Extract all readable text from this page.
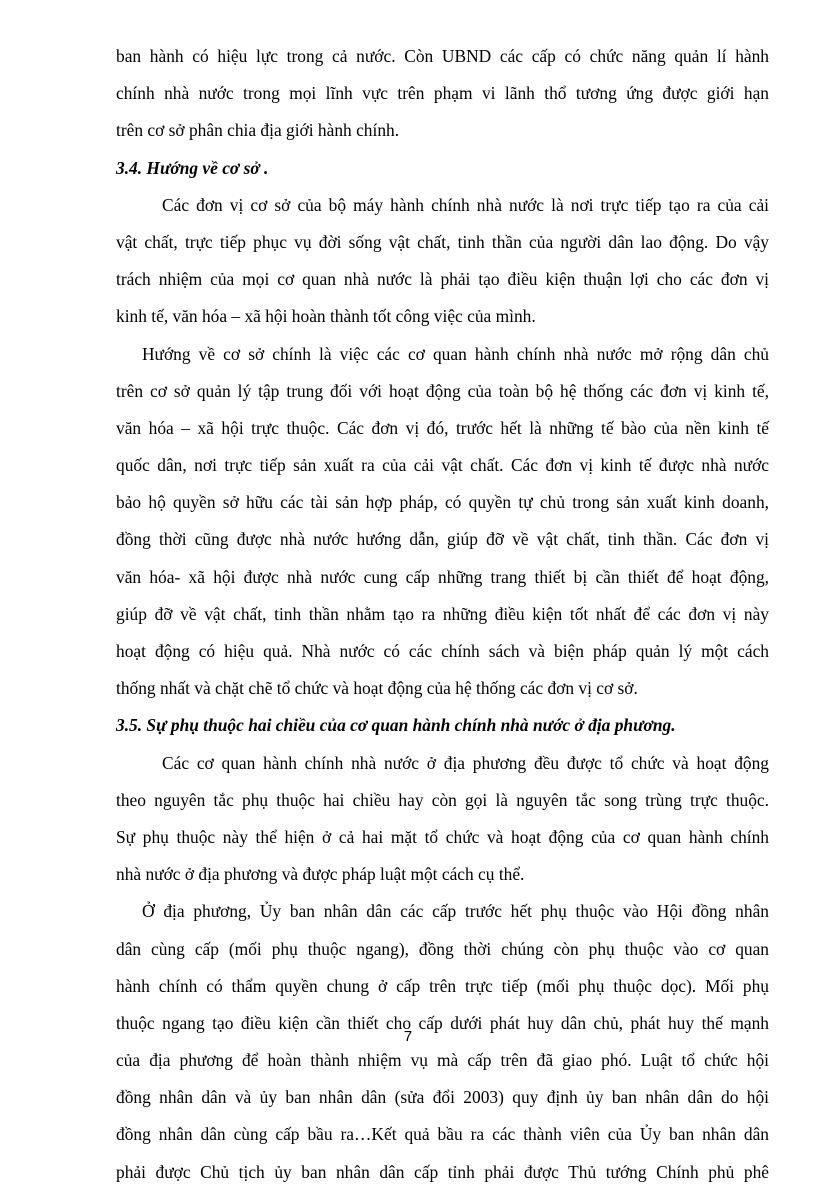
ban hành có hiệu lực trong cả nước. Còn UBND các cấp có chức năng quản lí hành
chính nhà nước trong mọi lĩnh vực trên phạm vi lãnh thổ tương ứng được giới hạn
trên cơ sở phân chia địa giới hành chính.
3.4. Hướng về cơ sở .
Các đơn vị cơ sở của bộ máy hành chính nhà nước là nơi trực tiếp tạo ra của cải
vật chất, trực tiếp phục vụ đời sống vật chất, tinh thần của người dân lao động. Do vậy
trách nhiệm của mọi cơ quan nhà nước là phải tạo điều kiện thuận lợi cho các đơn vị
kinh tế, văn hóa – xã hội hoàn thành tốt công việc của mình.
Hướng về cơ sở chính là việc các cơ quan hành chính nhà nước mở rộng dân chủ
trên cơ sở quản lý tập trung đối với hoạt động của toàn bộ hệ thống các đơn vị kinh tế,
văn hóa – xã hội trực thuộc. Các đơn vị đó, trước hết là những tế bào của nền kinh tế
quốc dân, nơi trực tiếp sản xuất ra của cải vật chất. Các đơn vị kinh tế được nhà nước
bảo hộ quyền sở hữu các tài sản hợp pháp, có quyền tự chủ trong sản xuất kinh doanh,
đồng thời cũng được nhà nước hướng dẫn, giúp đỡ về vật chất, tinh thần. Các đơn vị
văn hóa- xã hội được nhà nước cung cấp những trang thiết bị cần thiết để hoạt động,
giúp đỡ về vật chất, tinh thần nhằm tạo ra những điều kiện tốt nhất để các đơn vị này
hoạt động có hiệu quả. Nhà nước có các chính sách và biện pháp quản lý một cách
thống nhất và chặt chẽ tổ chức và hoạt động của hệ thống các đơn vị cơ sở.
3.5. Sự phụ thuộc hai chiều của cơ quan hành chính nhà nước ở địa phương.
Các cơ quan hành chính nhà nước ở địa phương đều được tổ chức và hoạt động
theo nguyên tắc phụ thuộc hai chiều hay còn gọi là nguyên tắc song trùng trực thuộc.
Sự phụ thuộc này thể hiện ở cả hai mặt tổ chức và hoạt động của cơ quan hành chính
nhà nước ở địa phương và được pháp luật một cách cụ thể.
Ở địa phương, Ủy ban nhân dân các cấp trước hết phụ thuộc vào Hội đồng nhân
dân cùng cấp (mối phụ thuộc ngang), đồng thời chúng còn phụ thuộc vào cơ quan
hành chính có thẩm quyền chung ở cấp trên trực tiếp (mối phụ thuộc dọc). Mối phụ
thuộc ngang tạo điều kiện cần thiết cho cấp dưới phát huy dân chủ, phát huy thế mạnh
của địa phương để hoàn thành nhiệm vụ mà cấp trên đã giao phó. Luật tổ chức hội
đồng nhân dân và ủy ban nhân dân (sửa đổi 2003) quy định ủy ban nhân dân do hội
đồng nhân dân cùng cấp bầu ra…Kết quả bầu ra các thành viên của Ủy ban nhân dân
phải được Chủ tịch ủy ban nhân dân cấp tỉnh phải được Thủ tướng Chính phủ phê
7
